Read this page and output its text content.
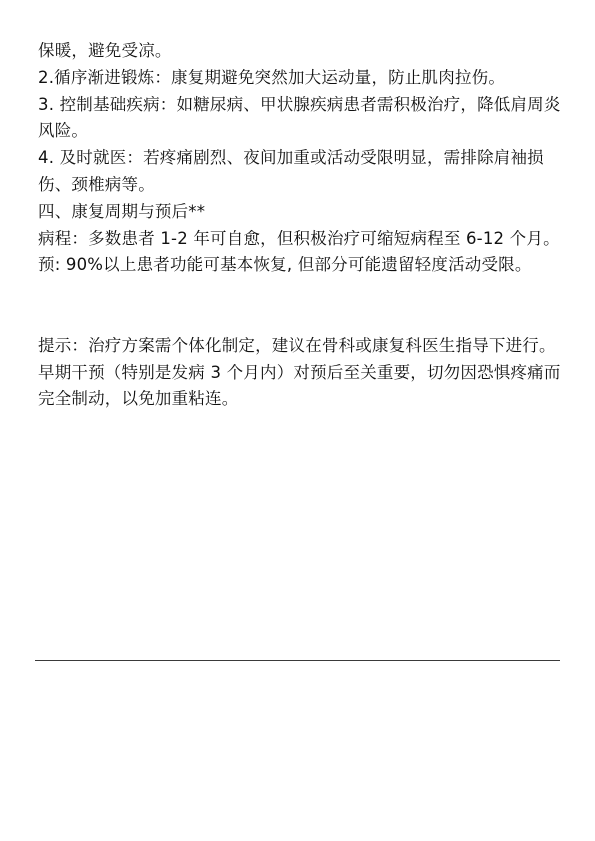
保暖，避免受凉。

2.循序渐进锻炼：康复期避免突然加大运动量，防止肌肉拉伤。

3. 控制基础疾病：如糖尿病、甲状腺疾病患者需积极治疗，降低肩周炎风险。

4. 及时就医：若疼痛剧烈、夜间加重或活动受限明显，需排除肩袖损伤、颈椎病等。

四、康复周期与预后**

病程：多数患者 1-2 年可自愈，但积极治疗可缩短病程至 6-12 个月。

预: 90%以上患者功能可基本恢复, 但部分可能遗留轻度活动受限。

提示：治疗方案需个体化制定，建议在骨科或康复科医生指导下进行。早期干预（特别是发病 3 个月内）对预后至关重要，切勿因恐惧疼痛而完全制动，以免加重粘连。
